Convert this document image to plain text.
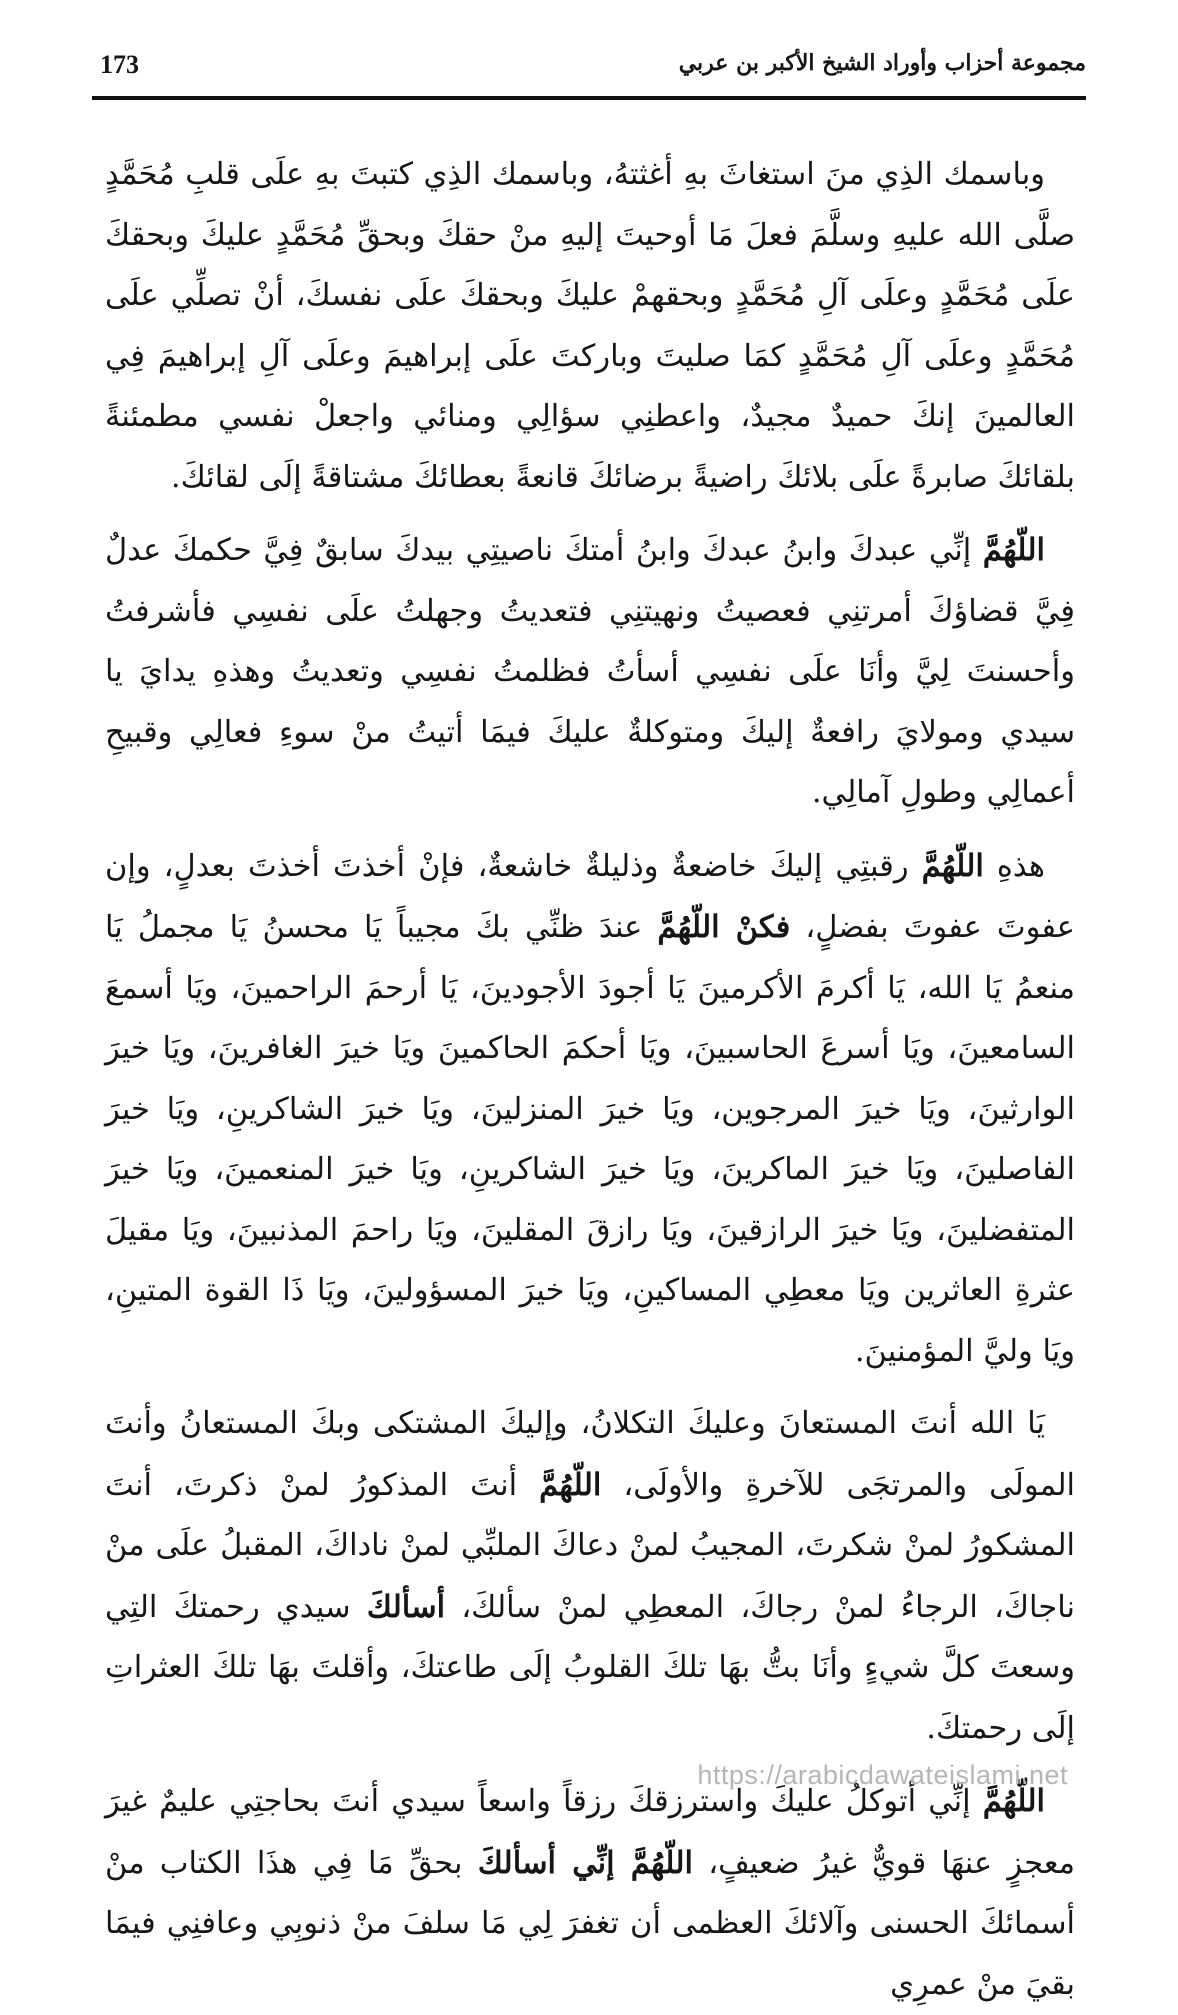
173	مجموعة أحزاب وأوراد الشيخ الأكبر بن عربي

وباسمك الذِي منَ استغاثَ بهِ أغثتهُ، وباسمك الذِي كتبتَ بهِ علَى قلبِ مُحَمَّدٍ صلَّى الله عليهِ وسلَّمَ فعلَ مَا أوحيتَ إليهِ منْ حقكَ وبحقِّ مُحَمَّدٍ عليكَ وبحقكَ علَى مُحَمَّدٍ وعلَى آلِ مُحَمَّدٍ وبحقهمْ عليكَ وبحقكَ علَى نفسكَ، أنْ تصلِّي علَى مُحَمَّدٍ وعلَى آلِ مُحَمَّدٍ كمَا صليتَ وباركتَ علَى إبراهيمَ وعلَى آلِ إبراهيمَ فِي العالمينَ إنكَ حميدٌ مجيدٌ، واعطنِي سؤالِي ومنائي واجعلْ نفسي مطمئنةً بلقائكَ صابرةً علَى بلائكَ راضيةً برضائكَ قانعةً بعطائكَ مشتاقةً إلَى لقائكَ.

اللّهُمَّ إنِّي عبدكَ وابنُ عبدكَ وابنُ أمتكَ ناصيتِي بيدكَ سابقٌ فِيَّ حكمكَ عدلٌ فِيَّ قضاؤكَ أمرتنِي فعصيتُ ونهيتنِي فتعديتُ وجهلتُ علَى نفسِي فأشرفتُ وأحسنتَ لِيَّ وأنَا علَى نفسِي أسأتُ فظلمتُ نفسِي وتعديتُ وهذهِ يدايَ يا سيدي ومولايَ رافعةٌ إليكَ ومتوكلةٌ عليكَ فيمَا أتيتُ منْ سوءِ فعالِي وقبيحِ أعمالِي وطولِ آمالِي.

هذهِ اللّهُمَّ رقبتِي إليكَ خاضعةٌ وذليلةٌ خاشعةٌ، فإنْ أخذتَ أخذتَ بعدلٍ، وإن عفوتَ عفوتَ بفضلٍ، فكنْ اللّهُمَّ عندَ ظنِّي بكَ مجيباً يَا محسنُ يَا مجملُ يَا منعمُ يَا الله، يَا أكرمَ الأكرمينَ يَا أجودَ الأجودينَ، يَا أرحمَ الراحمينَ، ويَا أسمعَ السامعينَ، ويَا أسرعَ الحاسبينَ، ويَا أحكمَ الحاكمينَ ويَا خيرَ الغافرينَ، ويَا خيرَ الوارثينَ، ويَا خيرَ المرجوين، ويَا خيرَ المنزلينَ، ويَا خيرَ الشاكرينِ، ويَا خيرَ الفاصلينَ، ويَا خيرَ الماكرينَ، ويَا خيرَ الشاكرينِ، ويَا خيرَ المنعمينَ، ويَا خيرَ المتفضلينَ، ويَا خيرَ الرازقينَ، ويَا رازقَ المقلينَ، ويَا راحمَ المذنبينَ، ويَا مقيلَ عثرةِ العاثرين ويَا معطِي المساكينِ، ويَا خيرَ المسؤولينَ، ويَا ذَا القوة المتينِ، ويَا وليَّ المؤمنينَ.

يَا الله أنتَ المستعانَ وعليكَ التكلانُ، وإليكَ المشتكى وبكَ المستعانُ وأنتَ المولَى والمرتجَى للآخرةِ والأولَى، اللّهُمَّ أنتَ المذكورُ لمنْ ذكرتَ، أنتَ المشكورُ لمنْ شكرتَ، المجيبُ لمنْ دعاكَ الملبِّي لمنْ ناداكَ، المقبلُ علَى منْ ناجاكَ، الرجاءُ لمنْ رجاكَ، المعطِي لمنْ سألكَ، أسألكَ سيدي رحمتكَ التِي وسعتَ كلَّ شيءٍ وأنَا بتُّ بهَا تلكَ القلوبُ إلَى طاعتكَ، وأقلتَ بهَا تلكَ العثراتِ إلَى رحمتكَ.

اللّهُمَّ إنِّي أتوكلُ عليكَ واسترزقكَ رزقاً واسعاً سيدي أنتَ بحاجتِي عليمٌ غيرَ معجزٍ عنهَا قويٌّ غيرُ ضعيفٍ، اللّهُمَّ إنِّي أسألكَ بحقِّ مَا فِي هذَا الكتاب منْ أسمائكَ الحسنى وآلائكَ العظمى أن تغفرَ لِي مَا سلفَ منْ ذنوبِي وعافنِي فيمَا بقيَ منْ عمرِي

https://arabicdawateislami.net
